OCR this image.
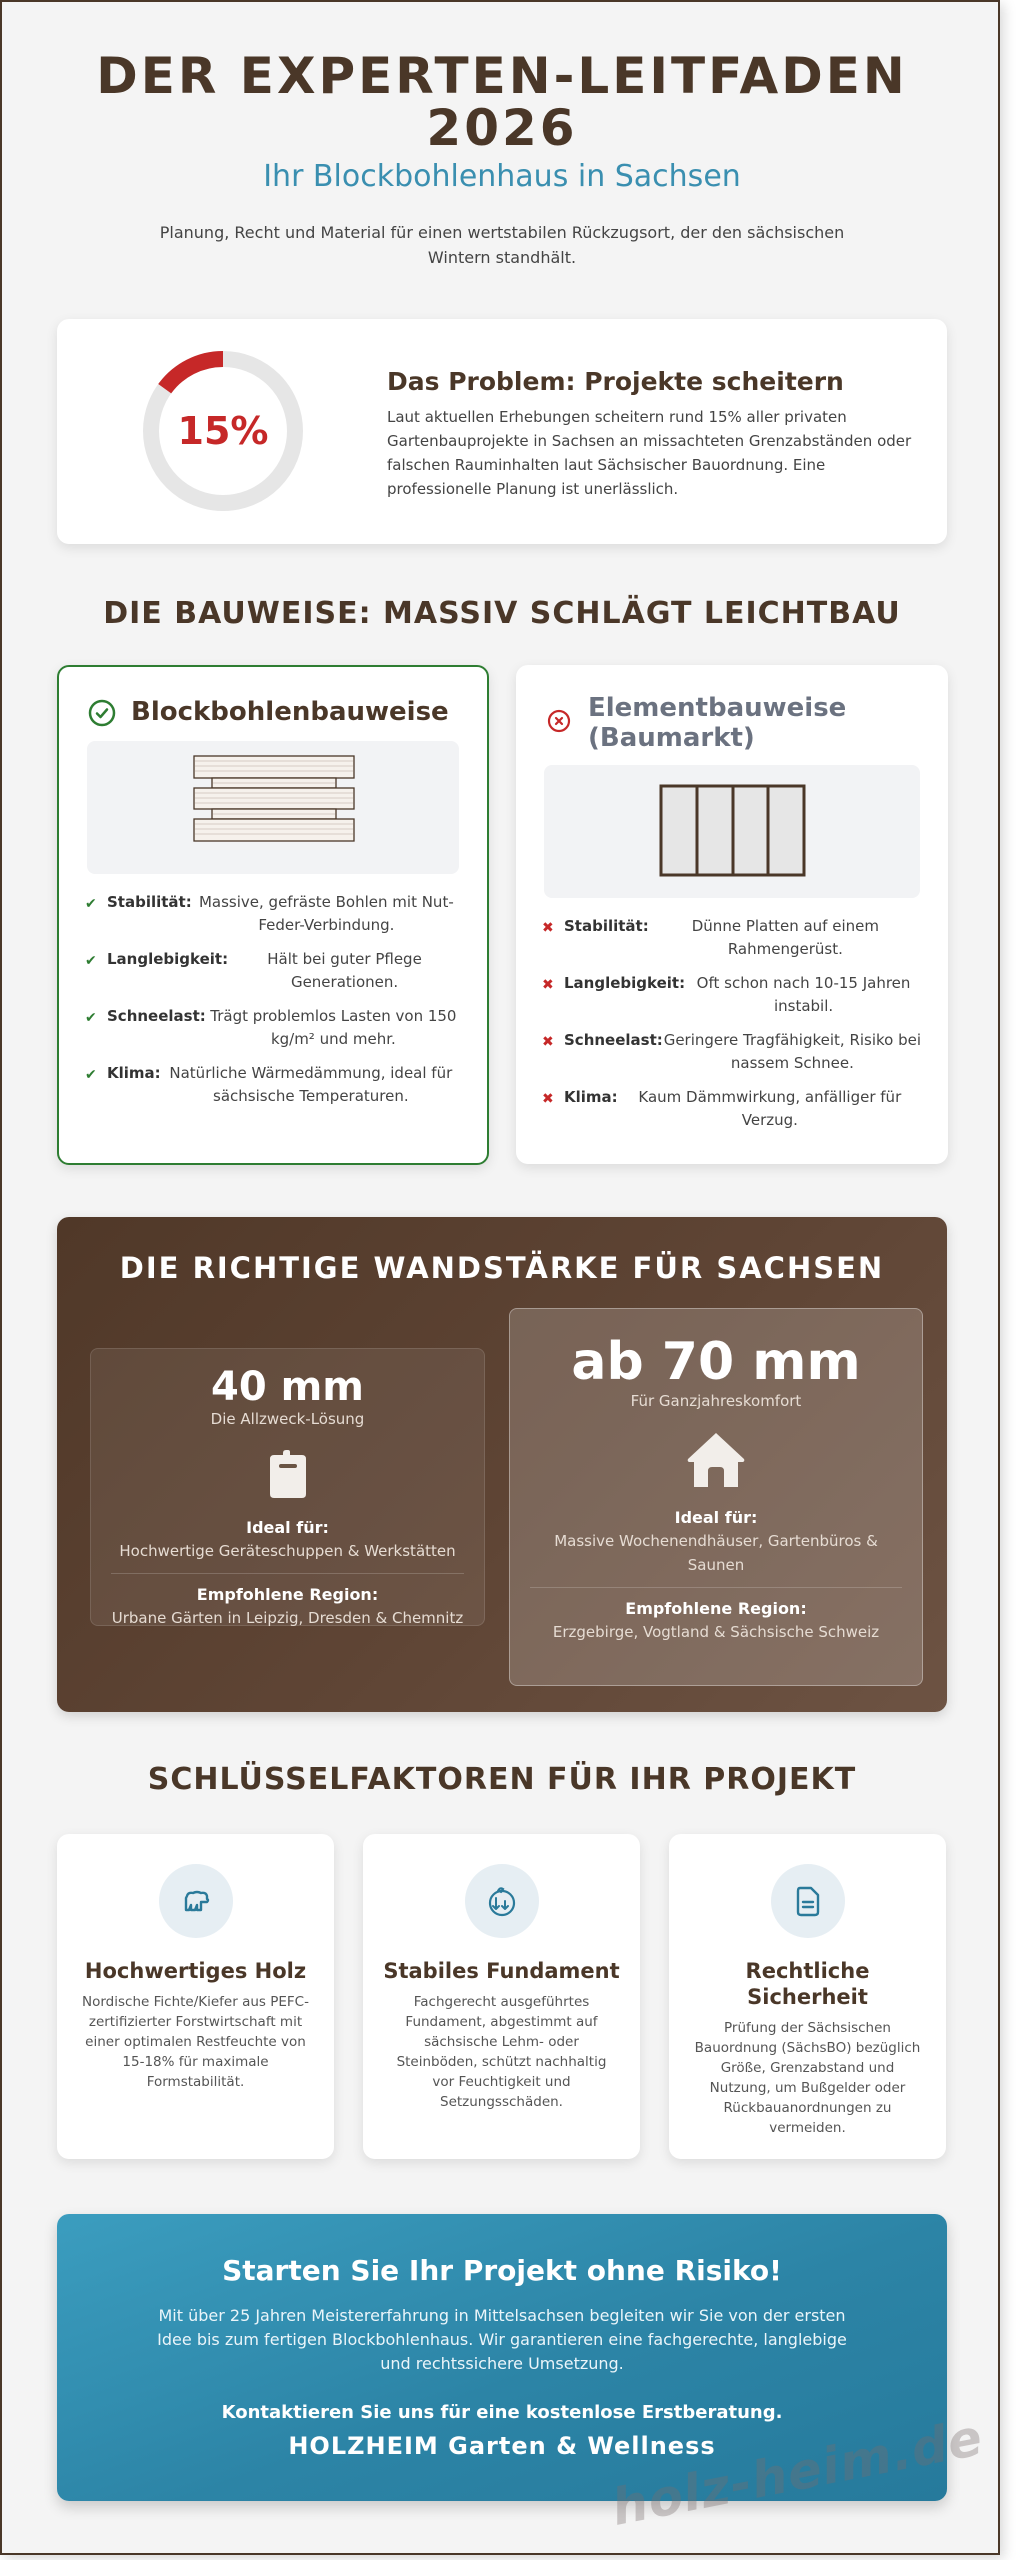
DER EXPERTEN-LEITFADEN
2026
Ihr Blockbohlenhaus in Sachsen

Planung, Recht und Material für einen wertstabilen Rückzugsort, der den sächsischen Wintern standhält.

15%
Das Problem: Projekte scheitern

Laut aktuellen Erhebungen scheitern rund 15% aller privaten Gartenbauprojekte in Sachsen an missachteten Grenzabständen oder falschen Rauminhalten laut Sächsischer Bauordnung. Eine professionelle Planung ist unerlässlich.

DIE BAUWEISE: MASSIV SCHLÄGT LEICHTBAU
Blockbohlenbauweise
✔ Stabilität: Massive, gefräste Bohlen mit Nut-Feder-Verbindung.
✔ Langlebigkeit:	Hält bei guter Pflege Generationen.
✔ Schneelast: Trägt problemlos Lasten von 150 kg/m² und mehr.
✔ Klima: Natürliche Wärmedämmung, ideal für sächsische Temperaturen.
Elementbauweise (Baumarkt)
✖ Stabilität:	Dünne Platten auf einem Rahmengerüst.
✖ Langlebigkeit: Oft schon nach 10-15 Jahren instabil.
✖ Schneelast: Geringere Tragfähigkeit, Risiko bei nassem Schnee.
✖ Klima:	Kaum Dämmwirkung, anfälliger für Verzug.
DIE RICHTIGE WANDSTÄRKE FÜR SACHSEN
40 mm
Die Allzweck-Lösung
Ideal für:
Hochwertige Geräteschuppen & Werkstätten
Empfohlene Region:
Urbane Gärten in Leipzig, Dresden & Chemnitz
ab 70 mm
Für Ganzjahreskomfort
Ideal für:
Massive Wochenendhäuser, Gartenbüros & Saunen
Empfohlene Region:
Erzgebirge, Vogtland & Sächsische Schweiz
SCHLÜSSELFAKTOREN FÜR IHR PROJEKT
Hochwertiges Holz

Nordische Fichte/Kiefer aus PEFC-zertifizierter Forstwirtschaft mit einer optimalen Restfeuchte von 15-18% für maximale Formstabilität.

Stabiles Fundament

Fachgerecht ausgeführtes Fundament, abgestimmt auf sächsische Lehm- oder Steinböden, schützt nachhaltig vor Feuchtigkeit und Setzungsschäden.

Rechtliche Sicherheit

Prüfung der Sächsischen Bauordnung (SächsBO) bezüglich Größe, Grenzabstand und Nutzung, um Bußgelder oder Rückbauanordnungen zu vermeiden.

Starten Sie Ihr Projekt ohne Risiko!

Mit über 25 Jahren Meistererfahrung in Mittelsachsen begleiten wir Sie von der ersten Idee bis zum fertigen Blockbohlenhaus. Wir garantieren eine fachgerechte, langlebige und rechtssichere Umsetzung.

Kontaktieren Sie uns für eine kostenlose Erstberatung.
HOLZHEIM Garten & Wellness
holz-heim.de
